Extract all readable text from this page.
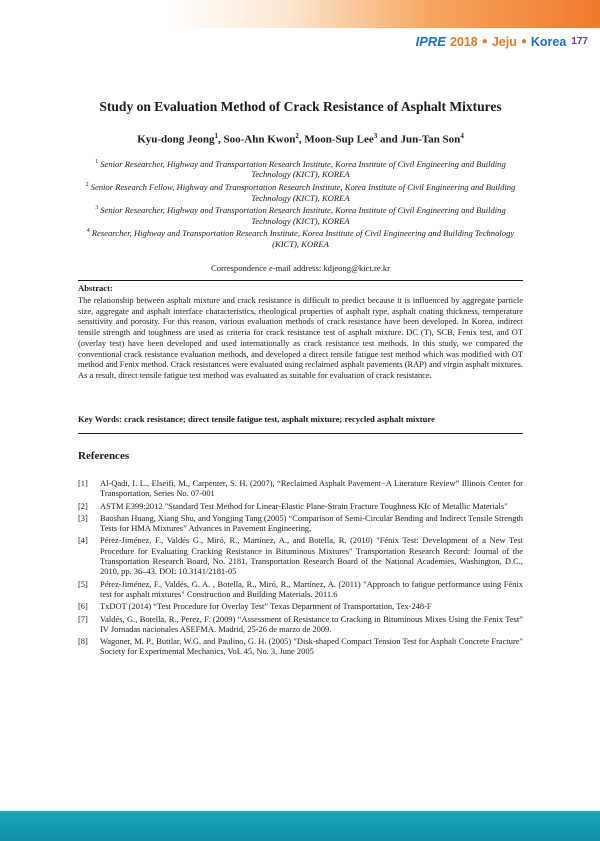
IPRE 2018 ● Jeju ● Korea 177
Study on Evaluation Method of Crack Resistance of Asphalt Mixtures
Kyu-dong Jeong$^1$, Soo-Ahn Kwon$^2$, Moon-Sup Lee$^3$ and Jun-Tan Son$^4$

$^1$ Senior Researcher, Highway and Transportation Research Institute, Korea Institute of Civil Engineering and Building Technology (KICT), KOREA

$^2$ Senior Research Fellow, Highway and Transportation Research Institute, Korea Institute of Civil Engineering and Building Technology (KICT), KOREA

$^3$ Senior Researcher, Highway and Transportation Research Institute, Korea Institute of Civil Engineering and Building Technology (KICT), KOREA

$^4$ Researcher, Highway and Transportation Research Institute, Korea Institute of Civil Engineering and Building Technology (KICT), KOREA

Correspondence e-mail address: kdjeong@kict.re.kr
Abstract:
The relationship between asphalt mixture and crack resistance is difficult to predict because it is influenced by aggregate particle size, aggregate and asphalt interface characteristics, rheological properties of asphalt type, asphalt coating thickness, temperature sensitivity and porosity. For this reason, various evaluation methods of crack resistance have been developed. In Korea, indirect tensile strength and toughness are used as criteria for crack resistance test of asphalt mixture. DC (T), SCB, Fenix test, and OT (overlay test) have been developed and used internationally as crack resistance test methods. In this study, we compared the conventional crack resistance evaluation methods, and developed a direct tensile fatigue test method which was modified with OT method and Fenix method. Crack resistances were evaluated using reclaimed asphalt pavements (RAP) and virgin asphalt mixtures. As a result, direct tensile fatigue test method was evaluated as suitable for evaluation of crack resistance.
Key Words: crack resistance; direct tensile fatigue test, asphalt mixture; recycled asphalt mixture
References
[1]	Al-Qadi, I. L., Elseifi, M., Carpenter, S. H. (2007), “Reclaimed Asphalt Pavement−A Literature Review” Illinois Center for Transportation, Series No. 07-001
[2]	ASTM E399:2012 "Standard Test Method for Linear-Elastic Plane-Strain Fracture Toughness KIc of Metallic Materials"
[3]	Baoshan Huang, Xiang Shu, and Yongjing Tang (2005) “Comparison of Semi-Circular Bending and Indirect Tensile Strength Tests for HMA Mixtures” Advances in Pavement Engineering,
[4]	Pérez-Jiménez, F., Valdés G., Miró, R., Martínez, A., and Botella, R. (2010) "Fénix Test: Development of a New Test Procedure for Evaluating Cracking Resistance in Bituminous Mixtures" Transportation Research Record: Journal of the Transportation Research Board, No. 2181, Transportation Research Board of the National Academies, Washington, D.C., 2010, pp. 36–43. DOI: 10.3141/2181-05
[5]	Pérez-Jiménez, F., Valdés, G. A. , Botella, R., Miró, R., Martínez, A. (2011) "Approach to fatigue performance using Fénix test for asphalt mixtures" Construction and Building Materials. 2011.6
[6]	TxDOT (2014) “Test Procedure for Overlay Test” Texas Department of Transportation, Tex-248-F
[7]	Valdés, G., Botella, R., Perez, F. (2009) “Assessment of Resistance to Cracking in Bituminous Mixes Using the Fenix Test” IV Jornadas nacionales ASEFMA. Madrid, 25-26 de marzo de 2009.
[8]	Wagoner, M. P., Buttlar, W.G. and Paulino, G. H. (2005) "Disk-shaped Compact Tension Test for Asphalt Concrete Fracture" Society for Experimental Mechanics, VoL 45, No. 3, June 2005
